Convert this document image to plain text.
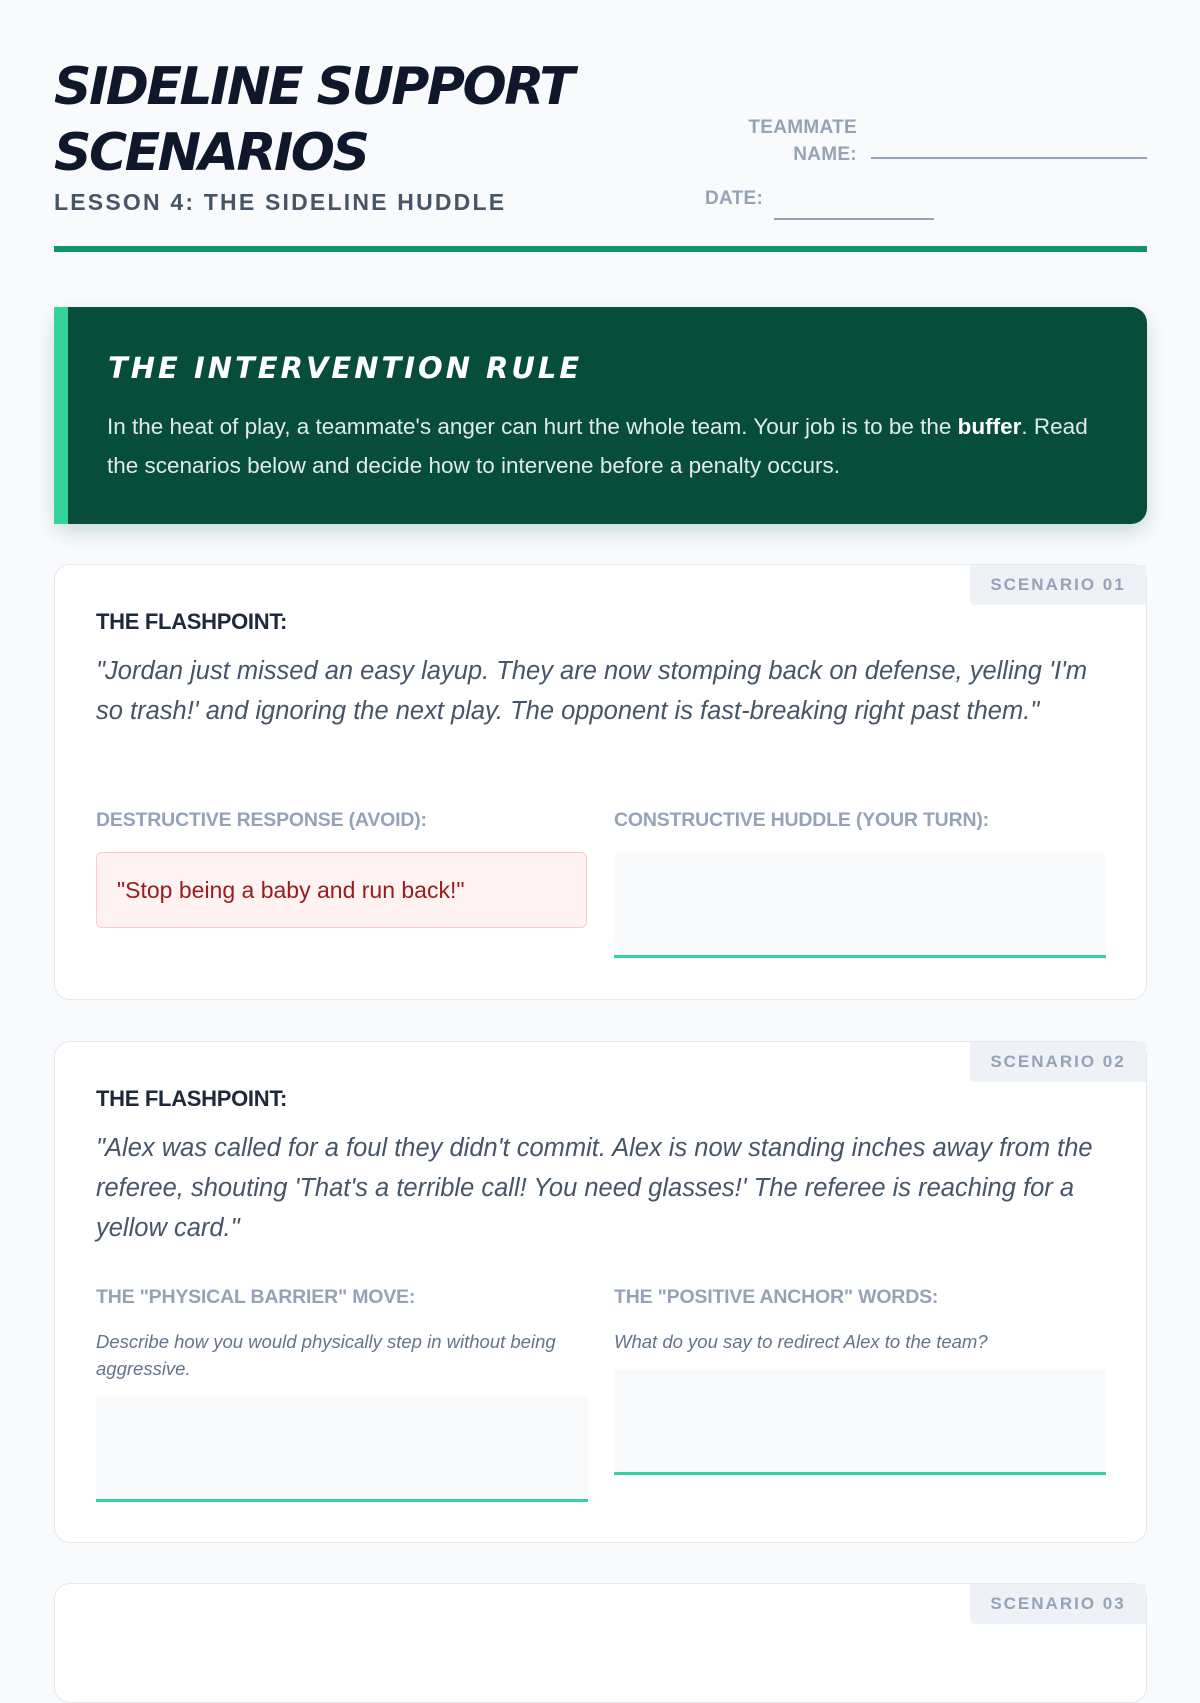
SIDELINE SUPPORT
SCENARIOS
LESSON 4: THE SIDELINE HUDDLE
TEAMMATE
NAME:
DATE:
THE INTERVENTION RULE

In the heat of play, a teammate's anger can hurt the whole team. Your job is to be the buffer. Read the scenarios below and decide how to intervene before a penalty occurs.

SCENARIO 01
THE FLASHPOINT:

"Jordan just missed an easy layup. They are now stomping back on defense, yelling 'I'm so trash!' and ignoring the next play. The opponent is fast-breaking right past them."

DESTRUCTIVE RESPONSE (AVOID):
"Stop being a baby and run back!"
CONSTRUCTIVE HUDDLE (YOUR TURN):
SCENARIO 02
THE FLASHPOINT:

"Alex was called for a foul they didn't commit. Alex is now standing inches away from the referee, shouting 'That's a terrible call! You need glasses!' The referee is reaching for a yellow card."

THE "PHYSICAL BARRIER" MOVE:
Describe how you would physically step in without being aggressive.
THE "POSITIVE ANCHOR" WORDS:
What do you say to redirect Alex to the team?
SCENARIO 03
